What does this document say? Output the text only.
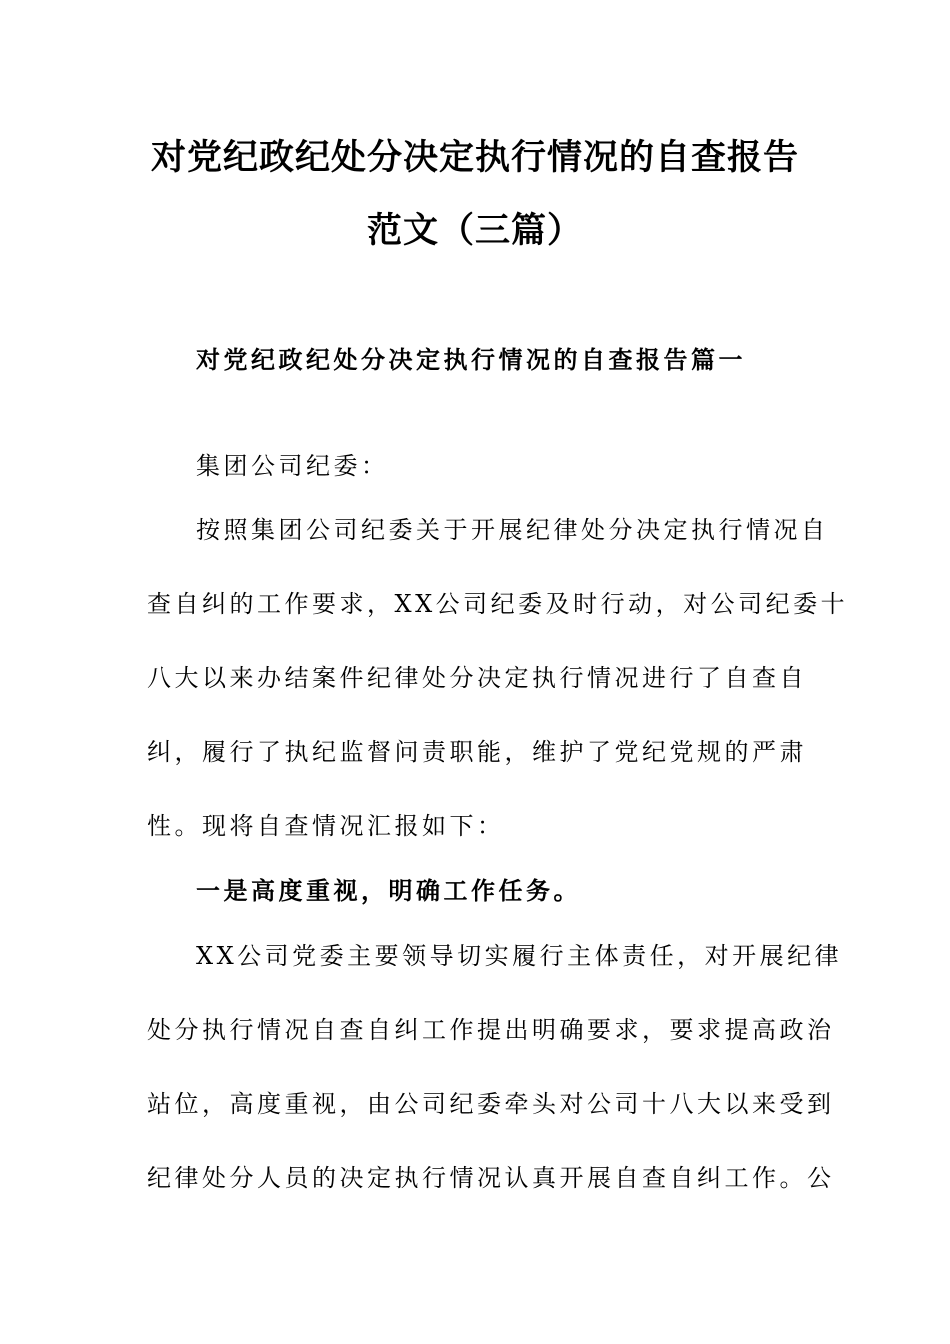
对党纪政纪处分决定执行情况的自查报告
范文（三篇）
对党纪政纪处分决定执行情况的自查报告篇一
集团公司纪委：
按照集团公司纪委关于开展纪律处分决定执行情况自
查自纠的工作要求，XX公司纪委及时行动，对公司纪委十
八大以来办结案件纪律处分决定执行情况进行了自查自
纠，履行了执纪监督问责职能，维护了党纪党规的严肃
性。现将自查情况汇报如下：
一是高度重视，明确工作任务。
XX公司党委主要领导切实履行主体责任，对开展纪律
处分执行情况自查自纠工作提出明确要求，要求提高政治
站位，高度重视，由公司纪委牵头对公司十八大以来受到
纪律处分人员的决定执行情况认真开展自查自纠工作。公
